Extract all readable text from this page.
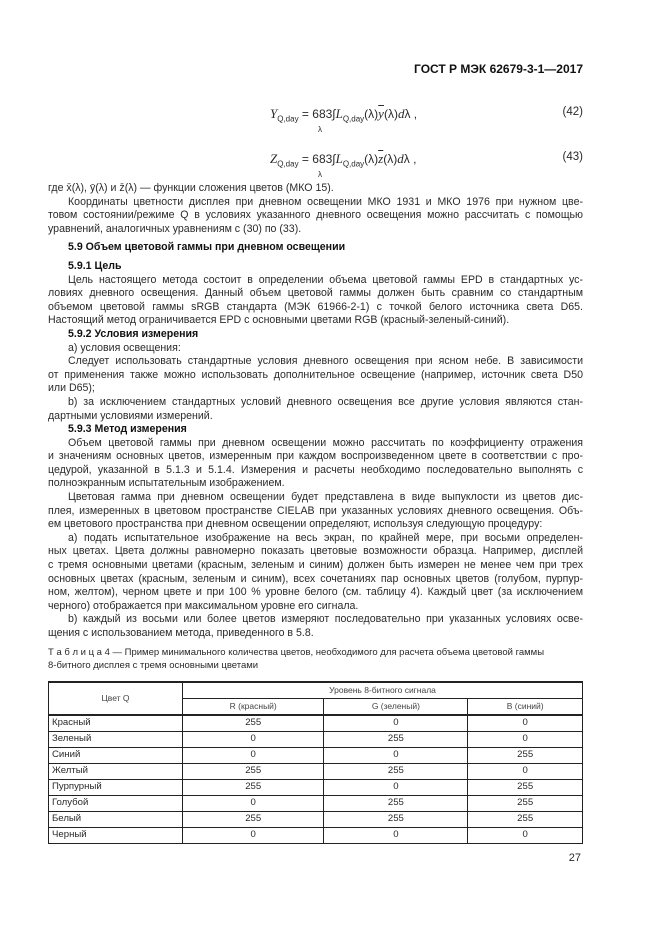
ГОСТ Р МЭК 62679-3-1—2017
$Y_{Q,day} = 683\int L_{Q,day}(\lambda)\overline{y}(\lambda)d\lambda$ ,
λ
(42)
$Z_{Q,day} = 683\int L_{Q,day}(\lambda)\overline{z}(\lambda)d\lambda$ ,
λ
(43)
где x̄(λ), ȳ(λ) и z̄(λ) — функции сложения цветов (МКО 15).
Координаты цветности дисплея при дневном освещении МКО 1931 и МКО 1976 при нужном цве-
товом состоянии/режиме Q в условиях указанного дневного освещения можно рассчитать с помощью
уравнений, аналогичных уравнениям с (30) по (33).
5.9 Объем цветовой гаммы при дневном освещении
5.9.1 Цель
Цель настоящего метода состоит в определении объема цветовой гаммы EPD в стандартных ус-
ловиях дневного освещения. Данный объем цветовой гаммы должен быть сравним со стандартным
объемом цветовой гаммы sRGB стандарта (МЭК 61966-2-1) с точкой белого источника света D65.
Настоящий метод ограничивается EPD с основными цветами RGB (красный-зеленый-синий).
5.9.2 Условия измерения
а) условия освещения:
Следует использовать стандартные условия дневного освещения при ясном небе. В зависимости
от применения также можно использовать дополнительное освещение (например, источник света D50
или D65);
b) за исключением стандартных условий дневного освещения все другие условия являются стан-
дартными условиями измерений.
5.9.3 Метод измерения
Объем цветовой гаммы при дневном освещении можно рассчитать по коэффициенту отражения
и значениям основных цветов, измеренным при каждом воспроизведенном цвете в соответствии с про-
цедурой, указанной в 5.1.3 и 5.1.4. Измерения и расчеты необходимо последовательно выполнять с
полноэкранным испытательным изображением.
Цветовая гамма при дневном освещении будет представлена в виде выпуклости из цветов дис-
плея, измеренных в цветовом пространстве CIELAB при указанных условиях дневного освещения. Объ-
ем цветового пространства при дневном освещении определяют, используя следующую процедуру:
а) подать испытательное изображение на весь экран, по крайней мере, при восьми определен-
ных цветах. Цвета должны равномерно показать цветовые возможности образца. Например, дисплей
с тремя основными цветами (красным, зеленым и синим) должен быть измерен не менее чем при трех
основных цветах (красным, зеленым и синим), всех сочетаниях пар основных цветов (голубом, пурпур-
ном, желтом), черном цвете и при 100 % уровне белого (см. таблицу 4). Каждый цвет (за исключением
черного) отображается при максимальном уровне его сигнала.
b) каждый из восьми или более цветов измеряют последовательно при указанных условиях осве-
щения с использованием метода, приведенного в 5.8.
Т а б л и ц а 4 — Пример минимального количества цветов, необходимого для расчета объема цветовой гаммы
8-битного дисплея с тремя основными цветами
Цвет Q	Уровень 8-битного сигнала		
	R (красный)	G (зеленый)	B (синий)
Красный	255	0	0
Зеленый	0	255	0
Синий	0	0	255
Желтый	255	255	0
Пурпурный	255	0	255
Голубой	0	255	255
Белый	255	255	255
Черный	0	0	0
27
